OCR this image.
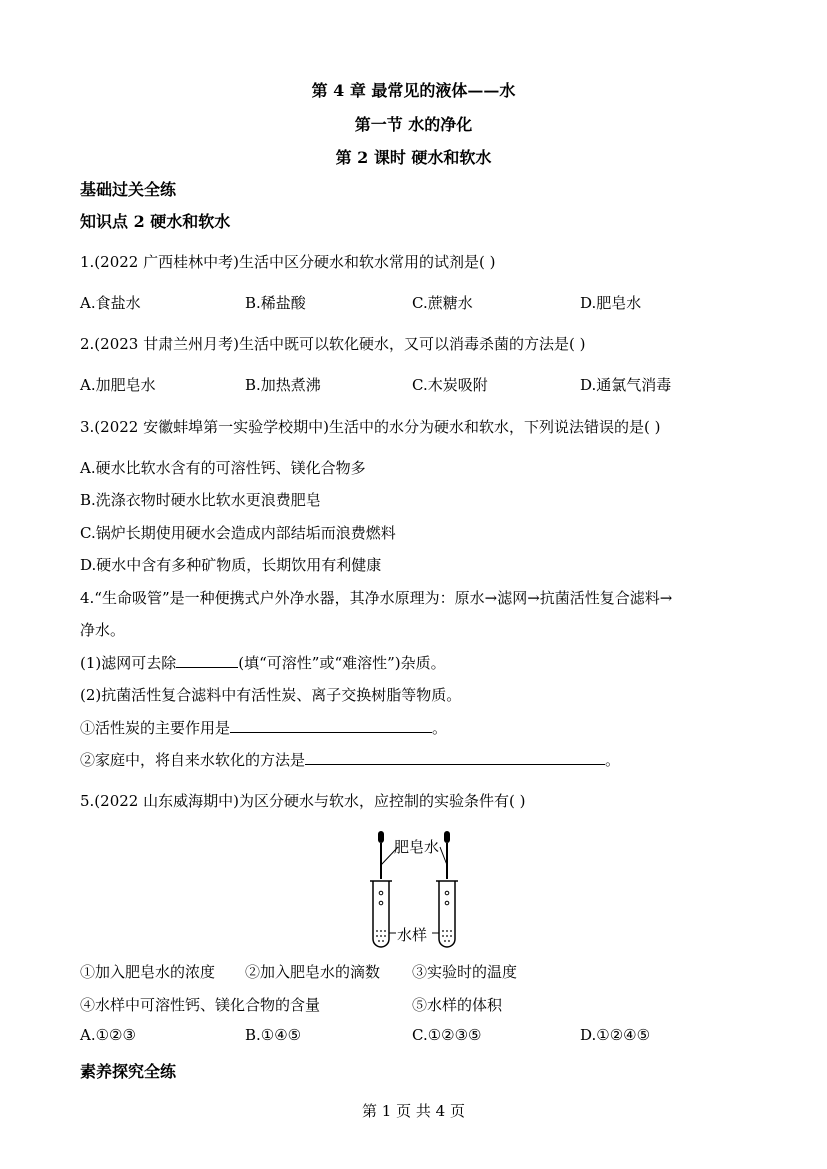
第 4 章 最常见的液体——水
第一节 水的净化
第 2 课时 硬水和软水
基础过关全练
知识点 2 硬水和软水
1.(2022 广西桂林中考)生活中区分硬水和软水常用的试剂是( )
A.食盐水	B.稀盐酸	C.蔗糖水	D.肥皂水
2.(2023 甘肃兰州月考)生活中既可以软化硬水，又可以消毒杀菌的方法是( )
A.加肥皂水	B.加热煮沸	C.木炭吸附	D.通氯气消毒
3.(2022 安徽蚌埠第一实验学校期中)生活中的水分为硬水和软水，下列说法错误的是( )
A.硬水比软水含有的可溶性钙、镁化合物多
B.洗涤衣物时硬水比软水更浪费肥皂
C.锅炉长期使用硬水会造成内部结垢而浪费燃料
D.硬水中含有多种矿物质，长期饮用有利健康
4.“生命吸管”是一种便携式户外净水器，其净水原理为：原水→滤网→抗菌活性复合滤料→
净水。
(1)滤网可去除	(填“可溶性”或“难溶性”)杂质。
(2)抗菌活性复合滤料中有活性炭、离子交换树脂等物质。
①活性炭的主要作用是	。
②家庭中，将自来水软化的方法是	。
5.(2022 山东威海期中)为区分硬水与软水，应控制的实验条件有( )
肥皂水
水样
①加入肥皂水的浓度 ②加入肥皂水的滴数 ③实验时的温度
④水样中可溶性钙、镁化合物的含量	⑤水样的体积
A.①②③	B.①④⑤	C.①②③⑤	D.①②④⑤
素养探究全练
第 1 页 共 4 页
